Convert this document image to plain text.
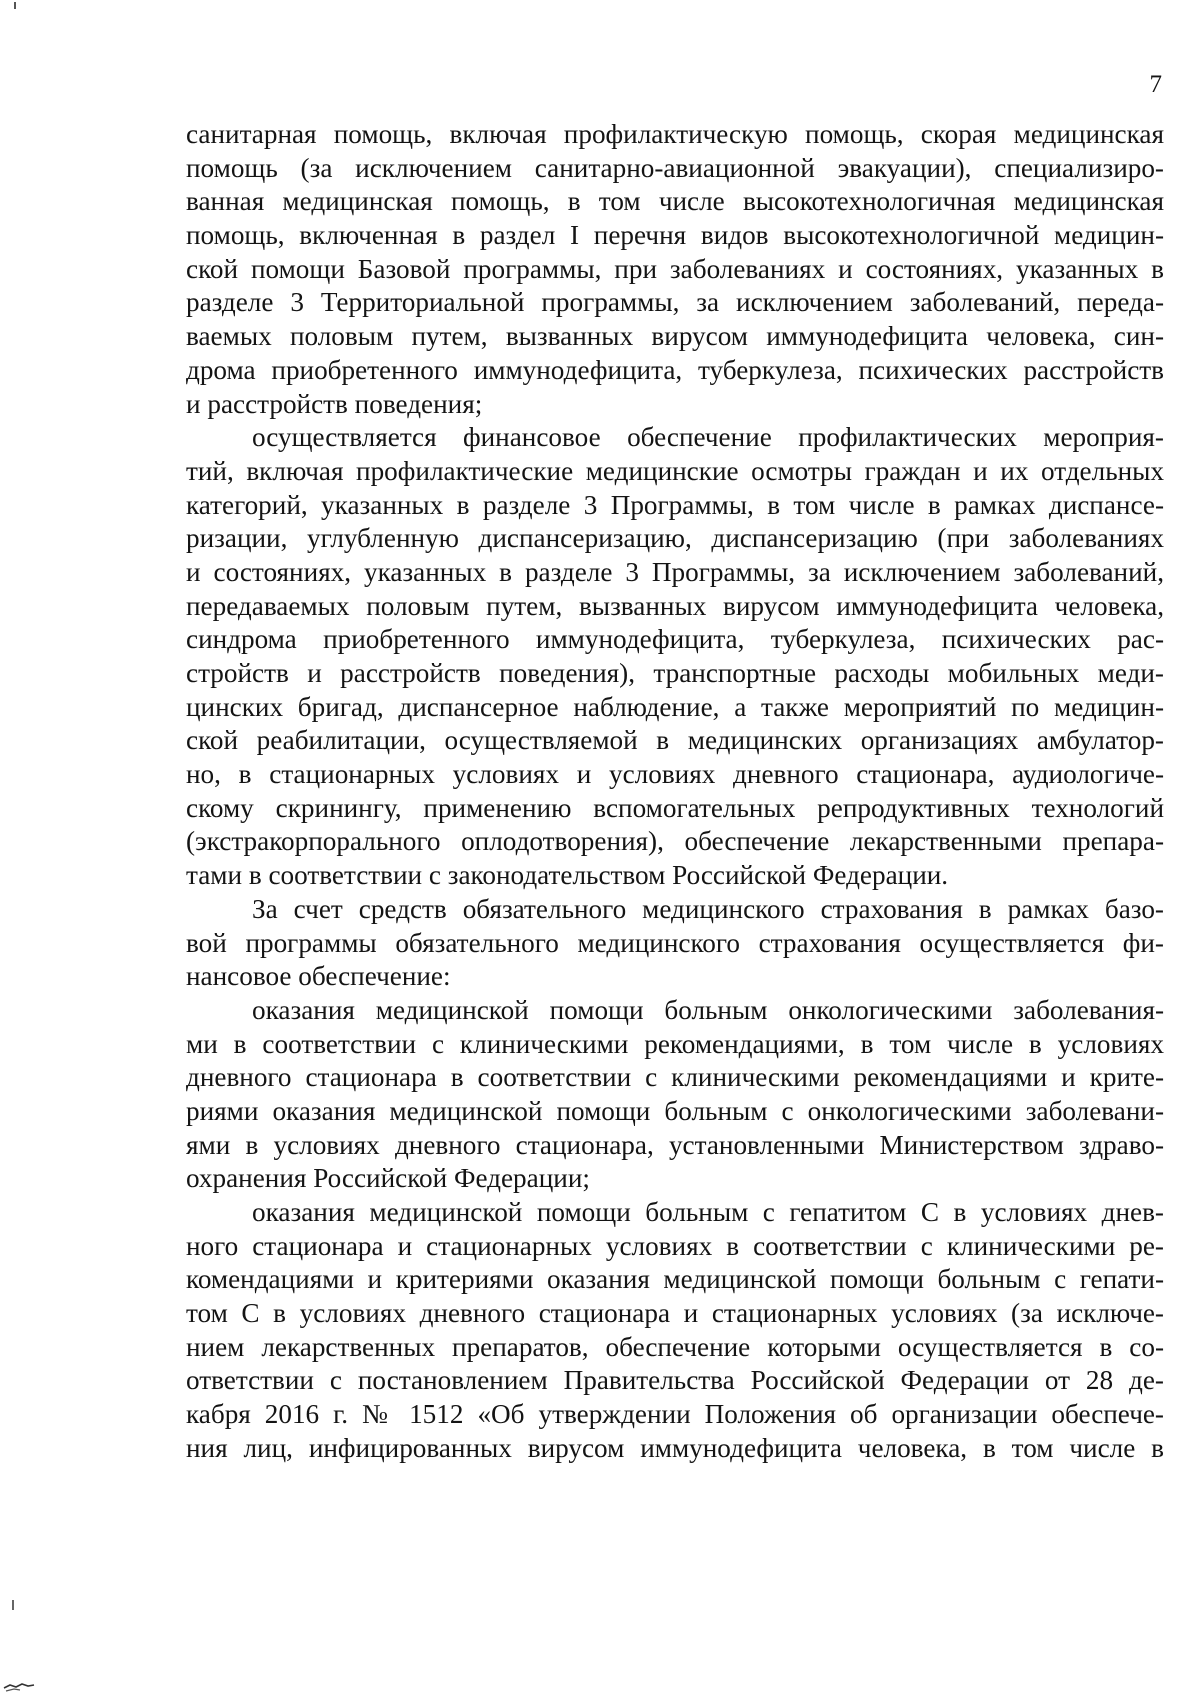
7
санитарная помощь, включая профилактическую помощь, скорая медицинская
помощь (за исключением санитарно-авиационной эвакуации), специализиро-
ванная медицинская помощь, в том числе высокотехнологичная медицинская
помощь, включенная в раздел I перечня видов высокотехнологичной медицин-
ской помощи Базовой программы, при заболеваниях и состояниях, указанных в
разделе 3 Территориальной программы, за исключением заболеваний, переда-
ваемых половым путем, вызванных вирусом иммунодефицита человека, син-
дрома приобретенного иммунодефицита, туберкулеза, психических расстройств
и расстройств поведения;
осуществляется финансовое обеспечение профилактических мероприя-
тий, включая профилактические медицинские осмотры граждан и их отдельных
категорий, указанных в разделе 3 Программы, в том числе в рамках диспансе-
ризации, углубленную диспансеризацию, диспансеризацию (при заболеваниях
и состояниях, указанных в разделе 3 Программы, за исключением заболеваний,
передаваемых половым путем, вызванных вирусом иммунодефицита человека,
синдрома приобретенного иммунодефицита, туберкулеза, психических рас-
стройств и расстройств поведения), транспортные расходы мобильных меди-
цинских бригад, диспансерное наблюдение, а также мероприятий по медицин-
ской реабилитации, осуществляемой в медицинских организациях амбулатор-
но, в стационарных условиях и условиях дневного стационара, аудиологиче-
скому скринингу, применению вспомогательных репродуктивных технологий
(экстракорпорального оплодотворения), обеспечение лекарственными препара-
тами в соответствии с законодательством Российской Федерации.
За счет средств обязательного медицинского страхования в рамках базо-
вой программы обязательного медицинского страхования осуществляется фи-
нансовое обеспечение:
оказания медицинской помощи больным онкологическими заболевания-
ми в соответствии с клиническими рекомендациями, в том числе в условиях
дневного стационара в соответствии с клиническими рекомендациями и крите-
риями оказания медицинской помощи больным с онкологическими заболевани-
ями в условиях дневного стационара, установленными Министерством здраво-
охранения Российской Федерации;
оказания медицинской помощи больным с гепатитом С в условиях днев-
ного стационара и стационарных условиях в соответствии с клиническими ре-
комендациями и критериями оказания медицинской помощи больным с гепати-
том С в условиях дневного стационара и стационарных условиях (за исключе-
нием лекарственных препаратов, обеспечение которыми осуществляется в со-
ответствии с постановлением Правительства Российской Федерации от 28 де-
кабря 2016 г. № 1512 «Об утверждении Положения об организации обеспече-
ния лиц, инфицированных вирусом иммунодефицита человека, в том числе в
